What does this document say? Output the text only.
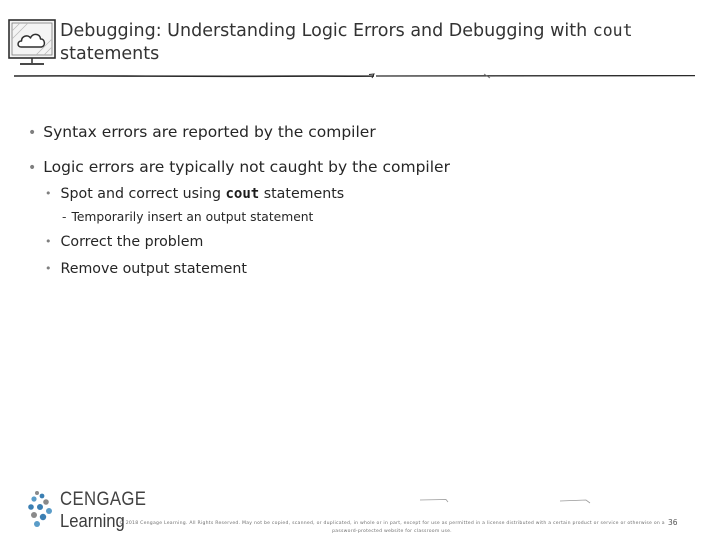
Debugging: Understanding Logic Errors and Debugging with cout
statements
• Syntax errors are reported by the compiler
• Logic errors are typically not caught by the compiler
• Spot and correct using cout statements
- Temporarily insert an output statement
• Correct the problem
• Remove output statement
CENGAGE
Learning
© 2018 Cengage Learning. All Rights Reserved. May not be copied, scanned, or duplicated, in whole or in part, except for use as permitted in a license distributed with a certain product or service or otherwise on a password-protected website for classroom use.
36
